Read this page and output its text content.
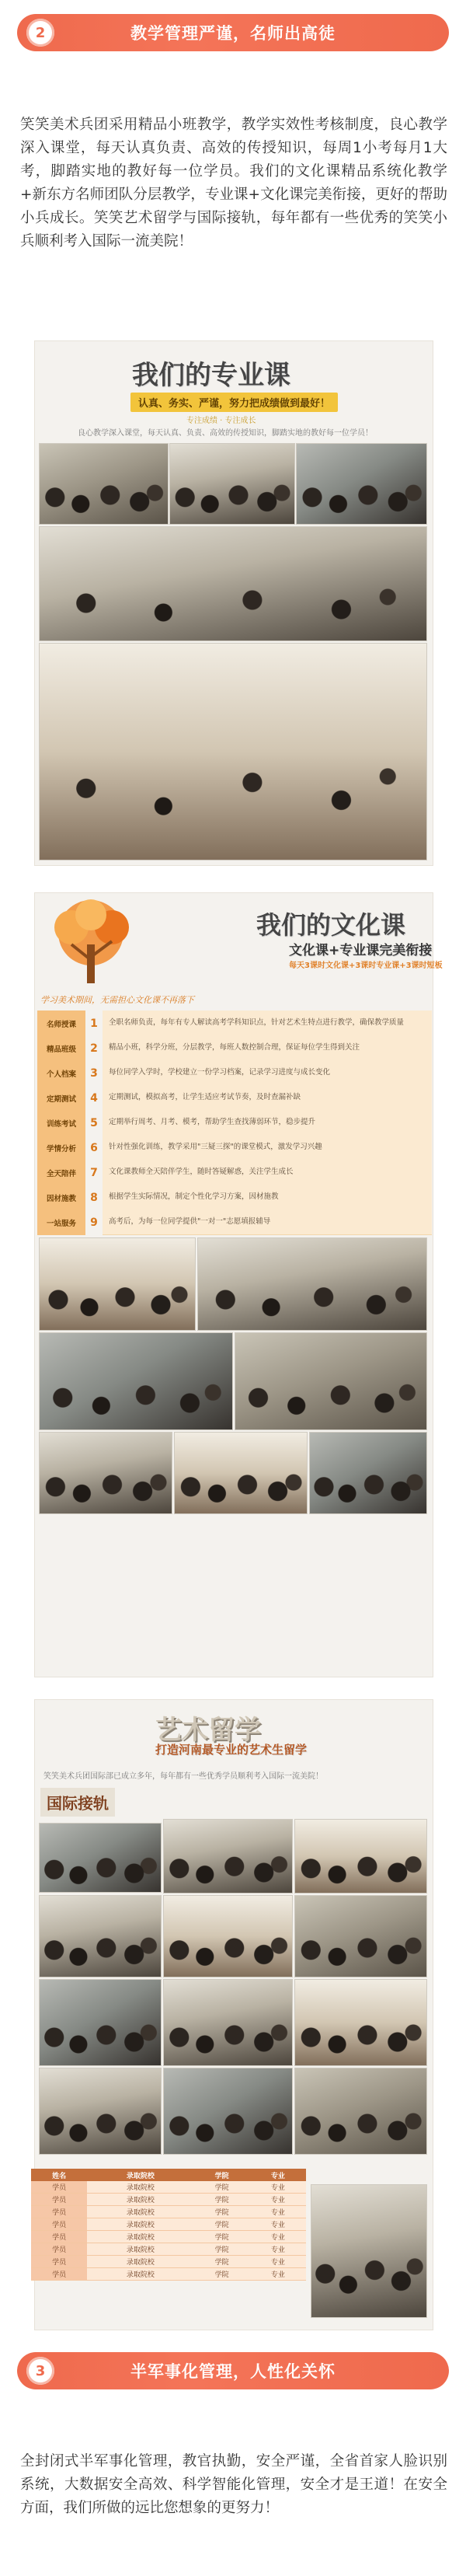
2	教学管理严谨，名师出高徒
笑笑美术兵团采用精品小班教学，教学实效性考核制度，良心教学深入课堂，每天认真负责、高效的传授知识，每周1小考每月1大考，脚踏实地的教好每一位学员。我们的文化课精品系统化教学+新东方名师团队分层教学，专业课+文化课完美衔接，更好的帮助小兵成长。笑笑艺术留学与国际接轨，每年都有一些优秀的笑笑小兵顺利考入国际一流美院！
我们的专业课
认真、务实、严谨，努力把成绩做到最好！
专注成绩 · 专注成长
良心教学深入课堂，每天认真、负责、高效的传授知识，脚踏实地的教好每一位学员！
我们的文化课
文化课+专业课完美衔接
每天3课时文化课+3课时专业课+3课时短板
学习美术期间，无需担心文化课不再落下
名师授课	1	全职名师负责，每年有专人解读高考学科知识点，针对艺术生特点进行教学，确保教学质量
精品班级	2	精品小班，科学分班，分层教学，每班人数控制合理，保证每位学生得到关注
个人档案	3	每位同学入学时，学校建立一份学习档案，记录学习进度与成长变化
定期测试	4	定期测试，模拟高考，让学生适应考试节奏，及时查漏补缺
训练考试	5	定期举行周考、月考、模考，帮助学生查找薄弱环节，稳步提升
学情分析	6	针对性强化训练，教学采用"三疑三探"的课堂模式，激发学习兴趣
全天陪伴	7	文化课教师全天陪伴学生，随时答疑解惑，关注学生成长
因材施教	8	根据学生实际情况，制定个性化学习方案，因材施教
一站服务	9	高考后，为每一位同学提供"一对一"志愿填报辅导
艺术留学
打造河南最专业的艺术生留学
笑笑美术兵团国际部已成立多年，每年都有一些优秀学员顺利考入国际一流美院！
国际接轨
姓名	录取院校	学院	专业
学员	录取院校	学院	专业
学员	录取院校	学院	专业
学员	录取院校	学院	专业
学员	录取院校	学院	专业
学员	录取院校	学院	专业
学员	录取院校	学院	专业
学员	录取院校	学院	专业
学员	录取院校	学院	专业
3	半军事化管理，人性化关怀
全封闭式半军事化管理，教官执勤，安全严谨，全省首家人脸识别系统，大数据安全高效、科学智能化管理，安全才是王道！在安全方面，我们所做的远比您想象的更努力！
